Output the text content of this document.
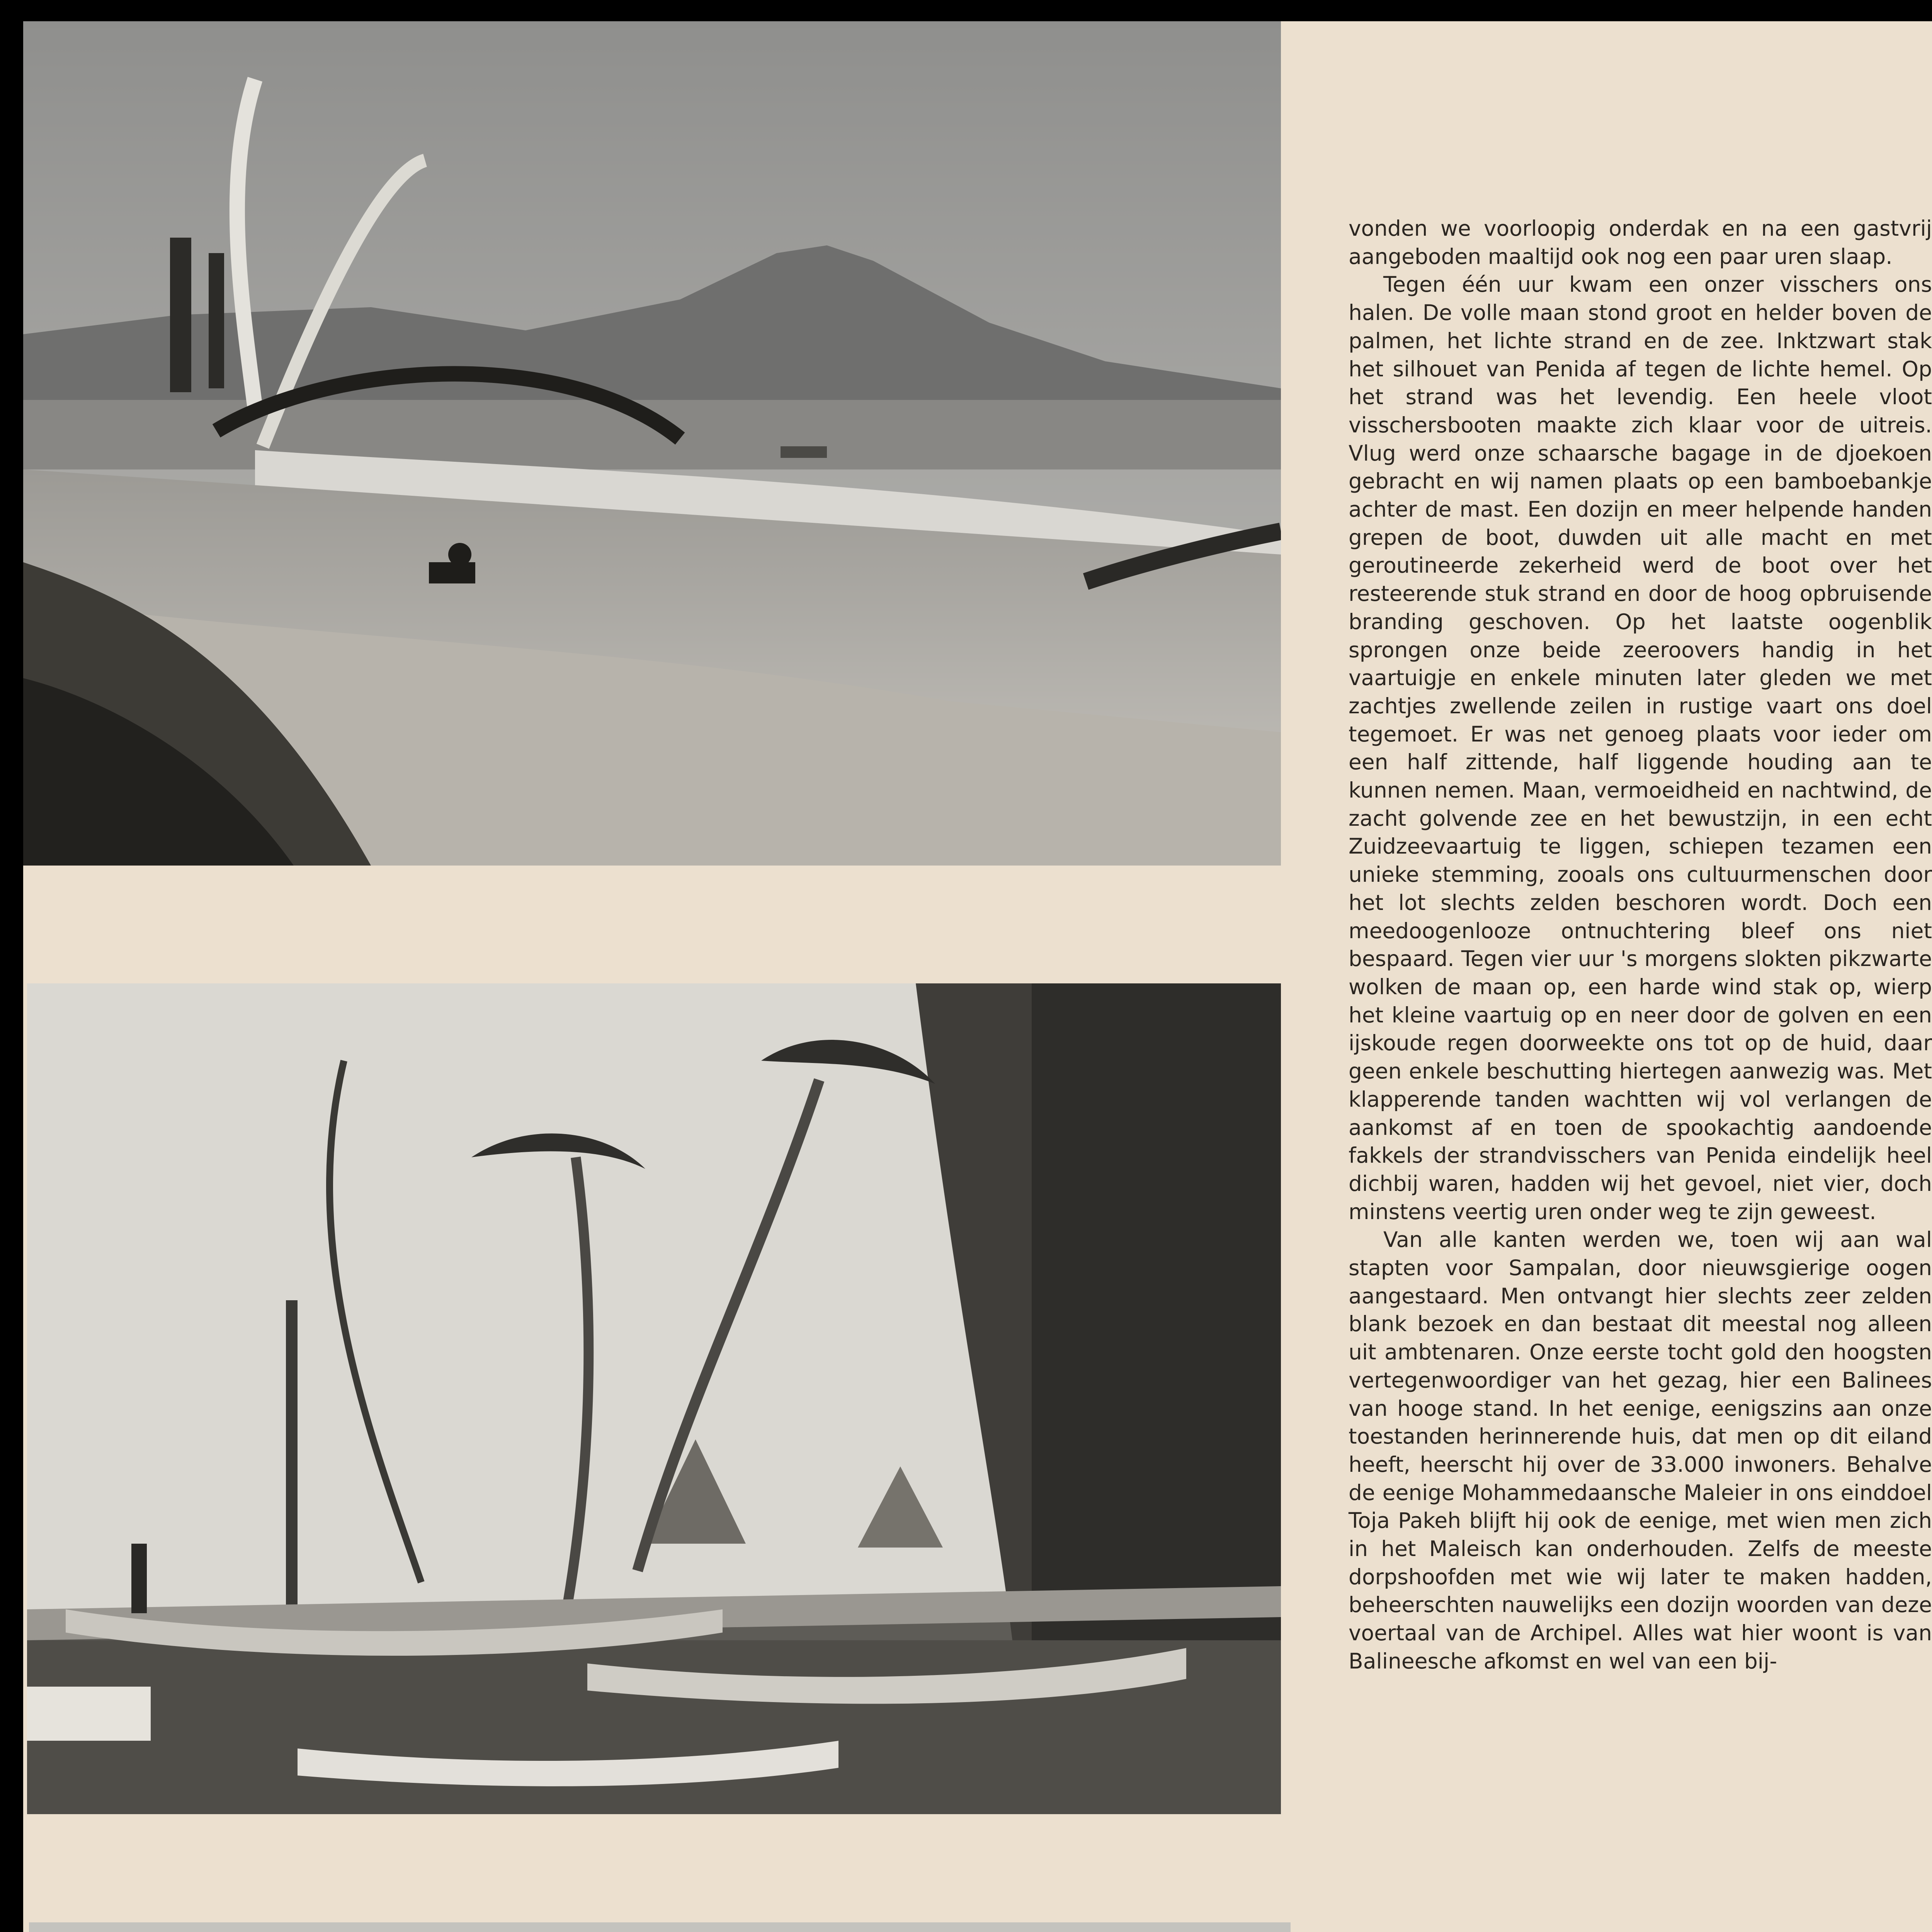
vonden we voorloopig onderdak en na een gastvrij aangeboden maaltijd ook nog een paar uren slaap.

Tegen één uur kwam een onzer visschers ons halen. De volle maan stond groot en helder boven de palmen, het lichte strand en de zee. Inktzwart stak het silhouet van Penida af tegen de lichte hemel. Op het strand was het levendig. Een heele vloot visschersbooten maakte zich klaar voor de uitreis. Vlug werd onze schaarsche bagage in de djoekoen gebracht en wij namen plaats op een bamboebankje achter de mast. Een dozijn en meer helpende handen grepen de boot, duwden uit alle macht en met geroutineerde zekerheid werd de boot over het resteerende stuk strand en door de hoog opbruisende branding geschoven. Op het laatste oogenblik sprongen onze beide zeeroovers handig in het vaartuigje en enkele minuten later gleden we met zachtjes zwellende zeilen in rustige vaart ons doel tegemoet. Er was net genoeg plaats voor ieder om een half zittende, half liggende houding aan te kunnen nemen. Maan, vermoeidheid en nachtwind, de zacht golvende zee en het bewustzijn, in een echt Zuidzeevaartuig te liggen, schiepen tezamen een unieke stemming, zooals ons cultuurmenschen door het lot slechts zelden beschoren wordt. Doch een meedoogenlooze ontnuchtering bleef ons niet bespaard. Tegen vier uur 's morgens slokten pikzwarte wolken de maan op, een harde wind stak op, wierp het kleine vaartuig op en neer door de golven en een ijskoude regen doorweekte ons tot op de huid, daar geen enkele beschutting hiertegen aanwezig was. Met klapperende tanden wachtten wij vol verlangen de aankomst af en toen de spookachtig aandoende fakkels der strandvisschers van Penida eindelijk heel dichbij waren, hadden wij het gevoel, niet vier, doch minstens veertig uren onder weg te zijn geweest.

Van alle kanten werden we, toen wij aan wal stapten voor Sampalan, door nieuwsgierige oogen aangestaard. Men ontvangt hier slechts zeer zelden blank bezoek en dan bestaat dit meestal nog alleen uit ambtenaren. Onze eerste tocht gold den hoogsten vertegenwoordiger van het gezag, hier een Balinees van hooge stand. In het eenige, eenigszins aan onze toestanden herinnerende huis, dat men op dit eiland heeft, heerscht hij over de 33.000 inwoners. Behalve de eenige Mohammedaansche Maleier in ons einddoel Toja Pakeh blijft hij ook de eenige, met wien men zich in het Maleisch kan onderhouden. Zelfs de meeste dorpshoofden met wie wij later te maken hadden, beheerschten nauwelijks een dozijn woorden van deze voertaal van de Archipel. Alles wat hier woont is van Balineesche afkomst en wel van een bij-
